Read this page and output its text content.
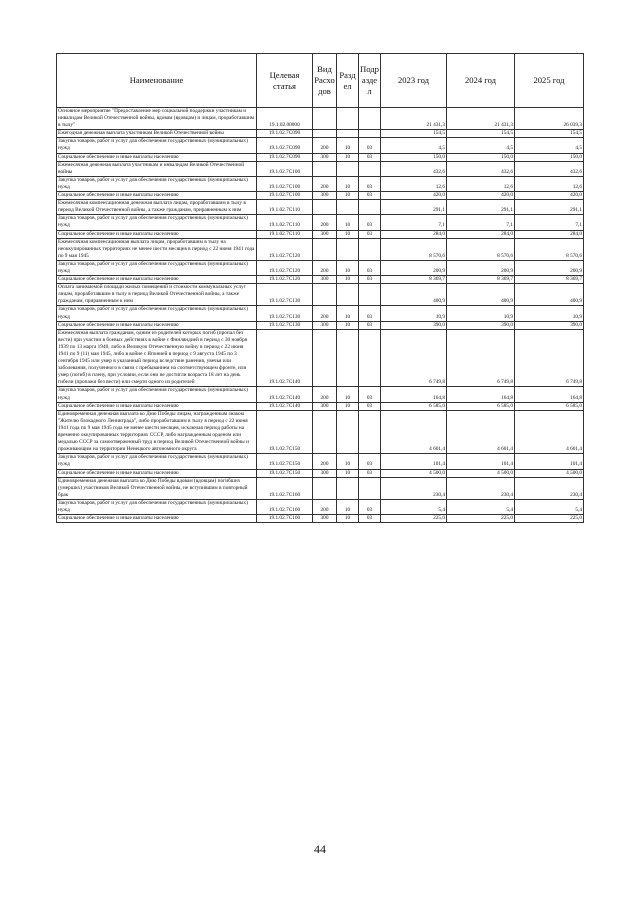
Наименование	Целевая статья	Вид Расхо дов	Разд ел	Подр азде л	2023 год	2024 год	2025 год
Основное мероприятие "Предоставление мер социальной поддержки участникам и инвалидам Великой Отечественной войны, вдовам (вдовцам) и лицам, проработавшим в тылу"	19.1.02.00000				21 431,3	21 431,3	26 039,3
Ежегодная денежная выплата участникам Великой Отечественной войны	19.1.02.7С090				154,5	154,5	154,5
Закупка товаров, работ и услуг для обеспечения государственных (муниципальных) нужд	19.1.02.7С090	200	10	03	4,5	4,5	4,5
Социальное обеспечение и иные выплаты населению	19.1.02.7С090	300	10	03	150,0	150,0	150,0
Ежемесячная денежная выплата участникам и инвалидам Великой Отечественной войны	19.1.02.7С100				432,6	432,6	432,6
Закупка товаров, работ и услуг для обеспечения государственных (муниципальных) нужд	19.1.02.7С100	200	10	03	12,6	12,6	12,6
Социальное обеспечение и иные выплаты населению	19.1.02.7С100	300	10	03	420,0	420,0	420,0
Ежемесячная компенсационная денежная выплата лицам, проработавшим в тылу в период Великой Отечественной войны, а также гражданам, приравненным к ним	19.1.02.7С110				291,1	291,1	291,1
Закупка товаров, работ и услуг для обеспечения государственных (муниципальных) нужд	19.1.02.7С110	200	10	03	7,1	7,1	7,1
Социальное обеспечение и иные выплаты населению	19.1.02.7С110	300	10	03	284,0	284,0	284,0
Ежемесячная компенсационная выплата лицам, проработавшим в тылу на неоккупированных территориях не менее шести месяцев в период с 22 июня 1941 года по 9 мая 1945	19.1.02.7С120				8 570,6	8 570,6	8 570,6
Закупка товаров, работ и услуг для обеспечения государственных (муниципальных) нужд	19.1.02.7С120	200	10	03	200,9	200,9	200,9
Социальное обеспечение и иные выплаты населению	19.1.02.7С120	300	10	03	8 369,7	8 369,7	8 369,7
Оплата занимаемой площади жилых помещений и стоимости коммунальных услуг лицам, проработавшим в тылу в период Великой Отечественной войны, а также гражданам, приравненным к ним	19.1.02.7С130				400,9	400,9	400,9
Закупка товаров, работ и услуг для обеспечения государственных (муниципальных) нужд	19.1.02.7С130	200	10	03	10,9	10,9	10,9
Социальное обеспечение и иные выплаты населению	19.1.02.7С130	300	10	03	390,0	390,0	390,0
Ежемесячная выплата гражданам, одним из родителей которых погиб (пропал без вести) при участии в боевых действиях в войне с Финляндией в период с 30 ноября 1939 по 13 марта 1940, либо в Великую Отечественную войну в период с 22 июня 1941 по 9 (11) мая 1945, либо в войне с Японией в период с 9 августа 1945 по 3 сентября 1945 или умер в указанный период вследствие ранения, увечья или заболевания, полученного в связи с пребыванием на соответствующем фронте, или умер (погиб) в плену, при условии, если они не достигли возраста 18 лет на день гибели (пропажи без вести) или смерти одного из родителей	19.1.02.7С140				6 749,8	6 749,8	6 749,8
Закупка товаров, работ и услуг для обеспечения государственных (муниципальных) нужд	19.1.02.7С140	200	10	03	164,8	164,8	164,8
Социальное обеспечение и иные выплаты населению	19.1.02.7С140	300	10	03	6 585,0	6 585,0	6 585,0
Единовременная денежная выплата ко Дню Победы лицам, награжденным знаком "Жителю блокадного Ленинграда", либо проработавшим в тылу в период с 22 июня 1941 года по 9 мая 1945 года не менее шести месяцев, исключая период работы на временно оккупированных территориях СССР, либо награжденным орденом или медалью СССР за самоотверженный труд в период Великой Отечественной войны и проживающим на территории Ненецкого автономного округа	19.1.02.7С150				4 601,4	4 601,4	4 601,4
Закупка товаров, работ и услуг для обеспечения государственных (муниципальных) нужд	19.1.02.7С150	200	10	03	101,4	101,4	101,4
Социальное обеспечение и иные выплаты населению	19.1.02.7С150	300	10	03	4 500,0	4 500,0	4 500,0
Единовременная денежная выплата ко Дню Победы вдовам (вдовцам) погибших (умерших) участников Великой Отечественной войны, не вступившим в повторный брак	19.1.02.7С160				230,4	230,4	230,4
Закупка товаров, работ и услуг для обеспечения государственных (муниципальных) нужд	19.1.02.7С160	200	10	03	5,4	5,4	5,4
Социальное обеспечение и иные выплаты населению	19.1.02.7С160	300	10	03	225,0	225,0	225,0
44
